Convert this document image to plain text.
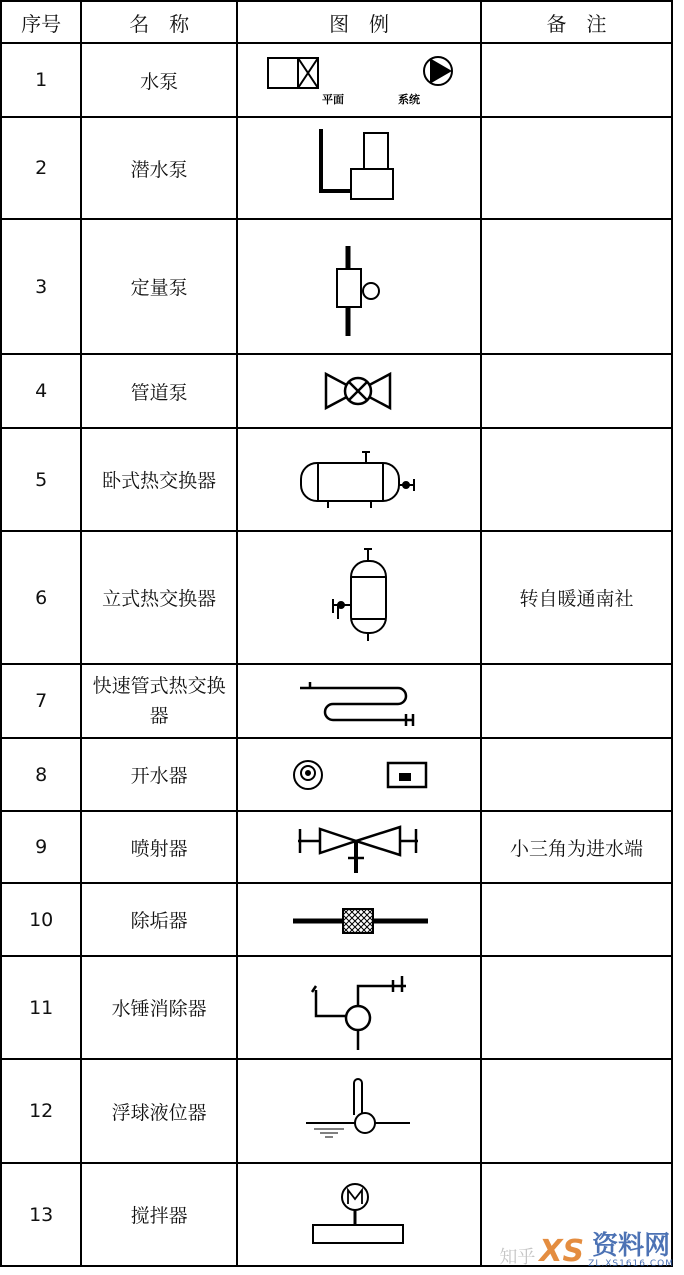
序号	名　称	图　例	备　注
1	水泵	平面 系统	

2	潜水泵	

3	定量泵	

4	管道泵	

5	卧式热交换器	

6	立式热交换器		转自暖通南社
7	快速管式热交换器	

8	开水器	

9	喷射器		小三角为进水端
10	除垢器	

11	水锤消除器	

12	浮球液位器	

13	搅拌器	

知乎 XS 资料网
ZL.XS1616.COM
